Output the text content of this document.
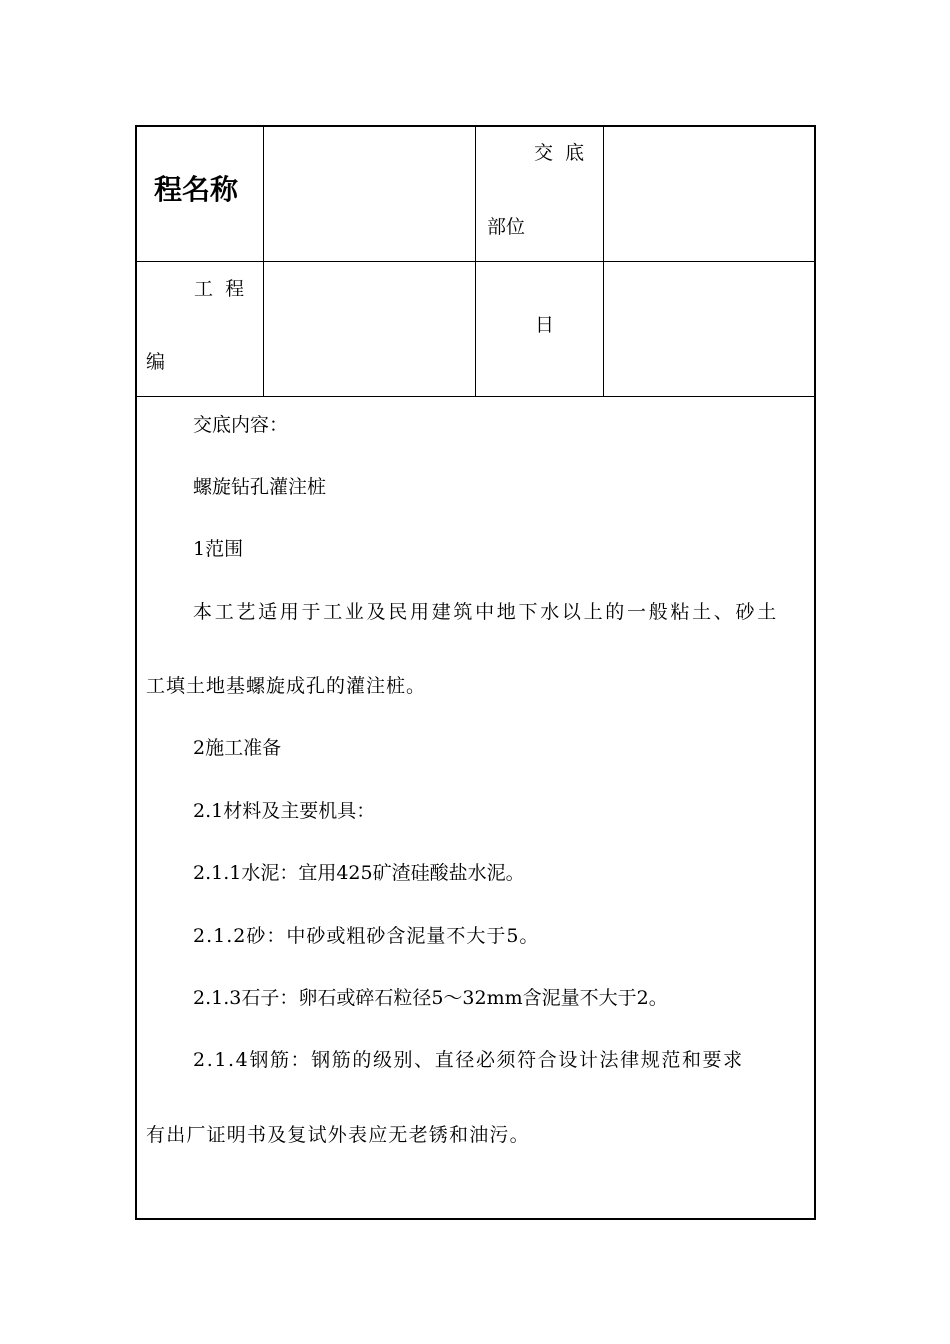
程名称
交  底
部位
工  程
编
日
交底内容：
螺旋钻孔灌注桩
1范围
本工艺适用于工业及民用建筑中地下水以上的一般粘土、砂土
工填土地基螺旋成孔的灌注桩。
2施工准备
2.1材料及主要机具：
2.1.1水泥：宜用425矿渣硅酸盐水泥。
2.1.2砂：中砂或粗砂含泥量不大于5。
2.1.3石子：卵石或碎石粒径5～32mm含泥量不大于2。
2.1.4钢筋：钢筋的级别、直径必须符合设计法律规范和要求
有出厂证明书及复试外表应无老锈和油污。
